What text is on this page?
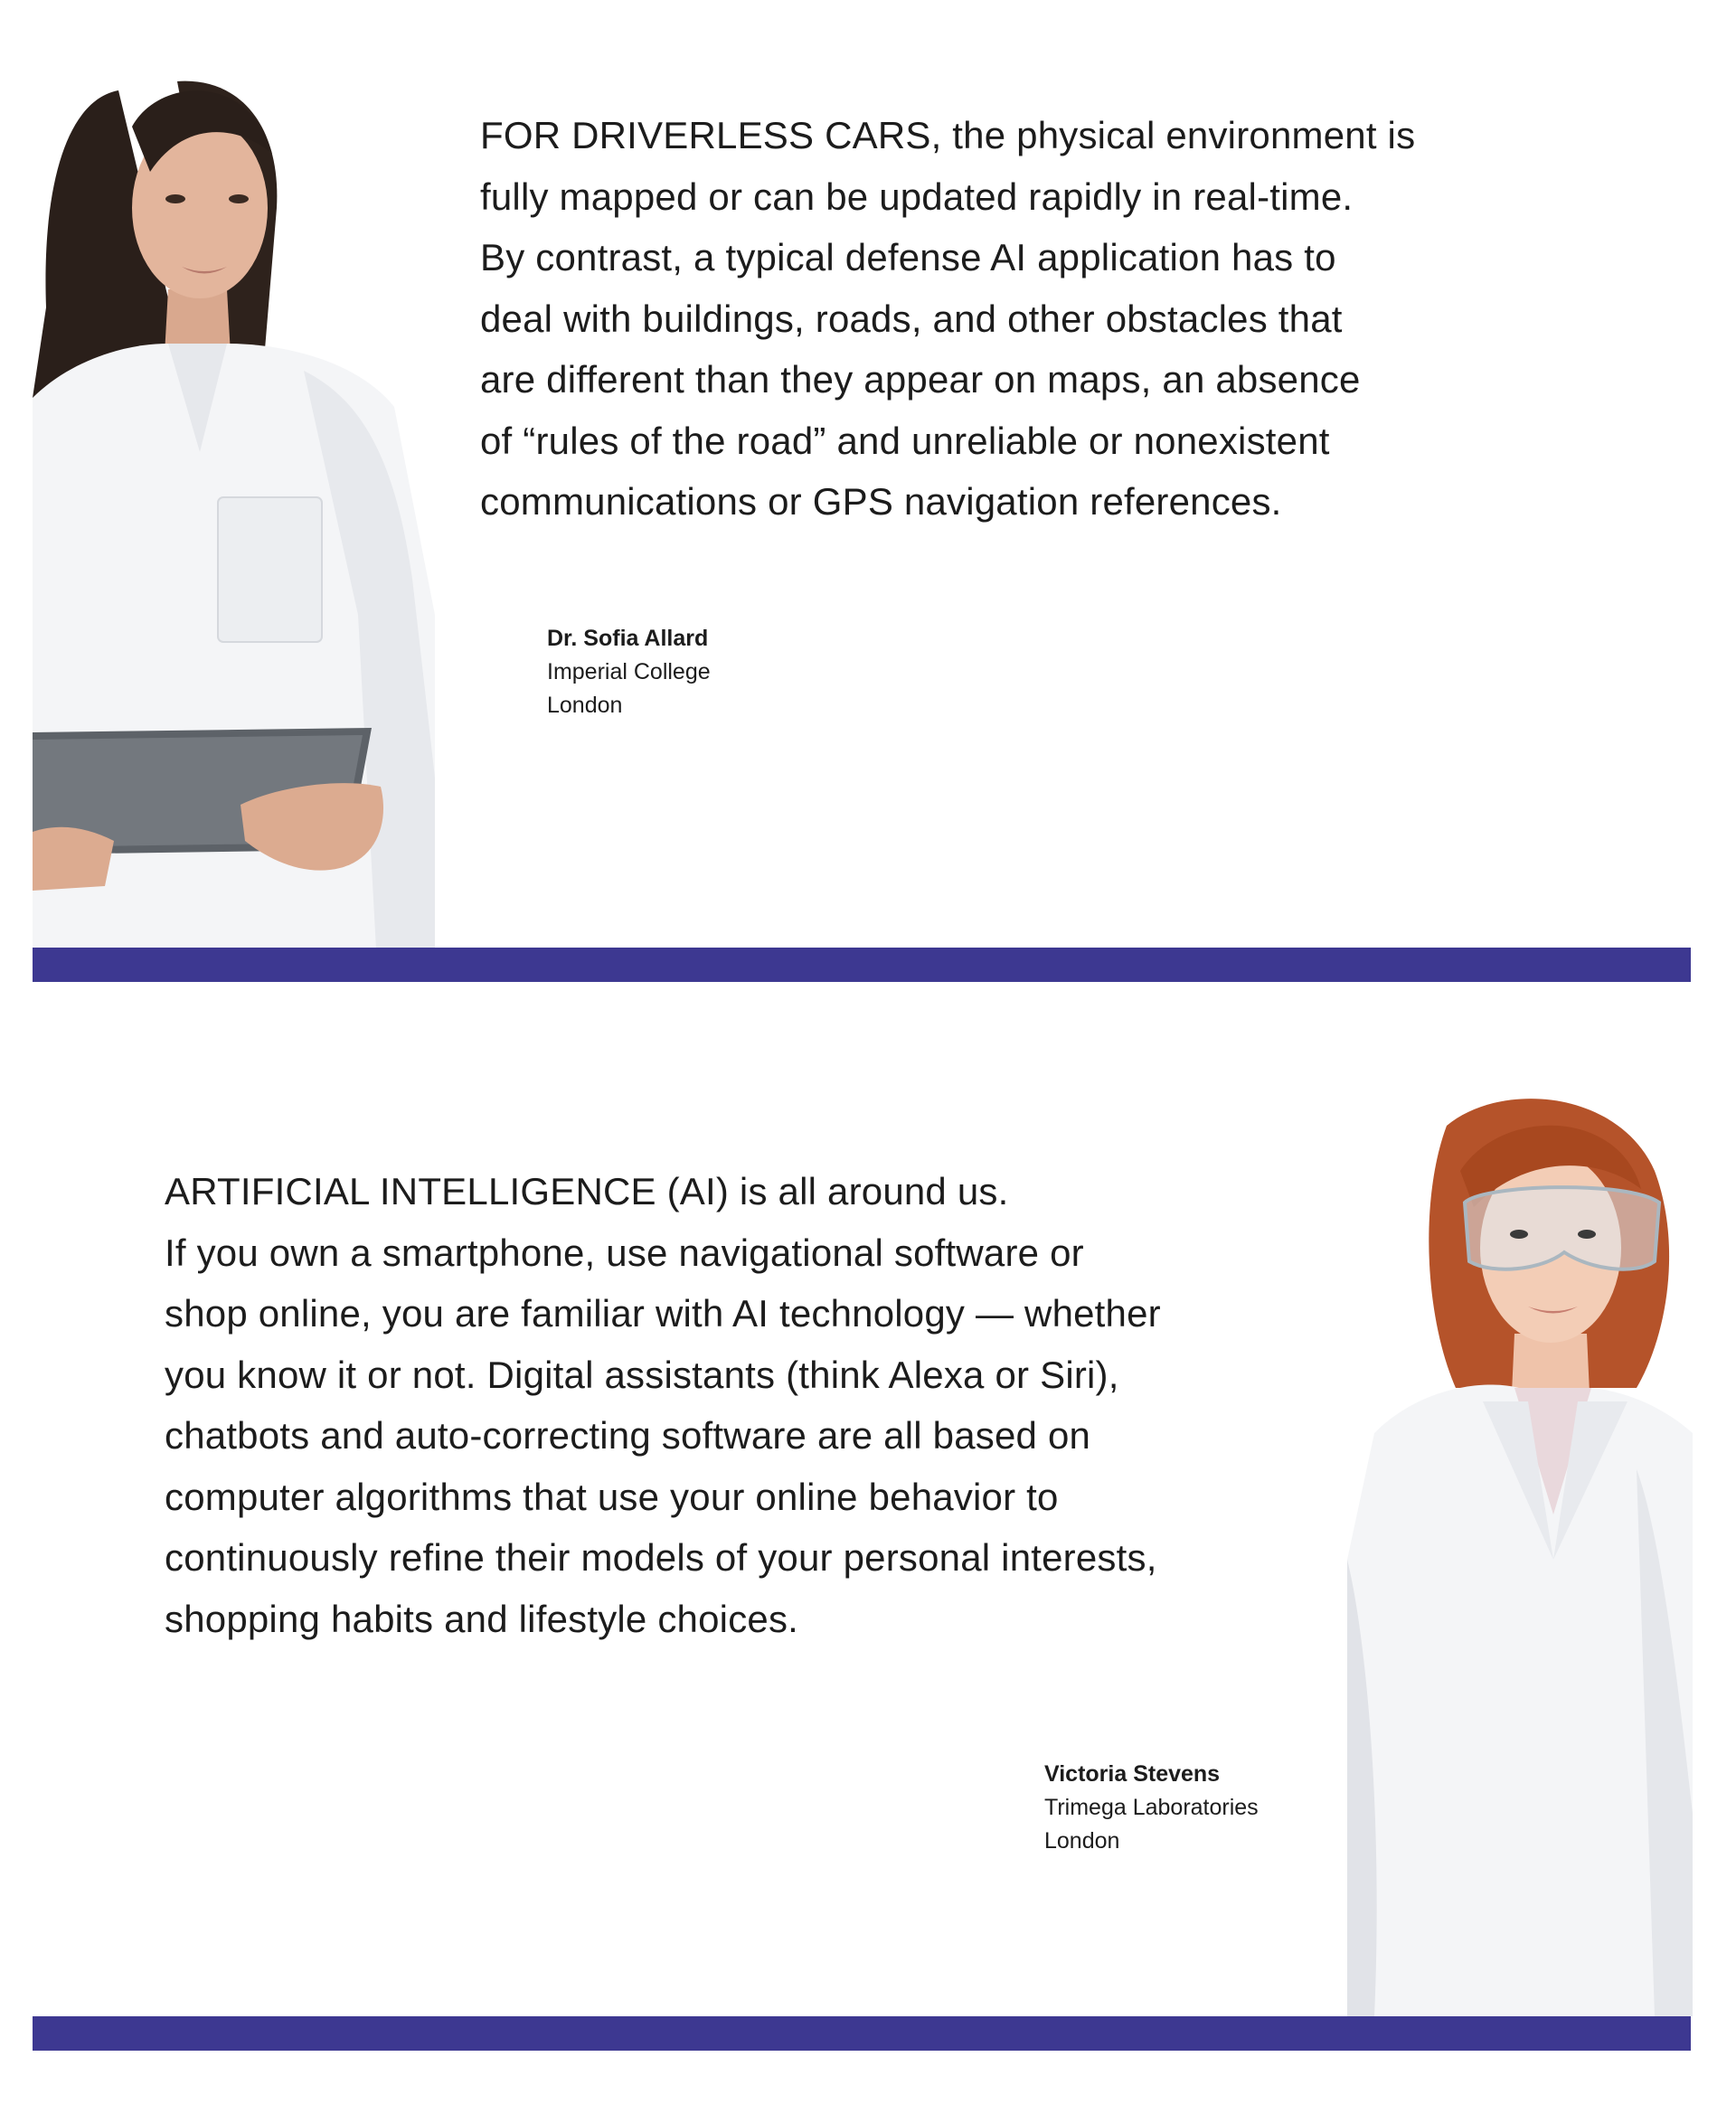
FOR DRIVERLESS CARS, the physical environment is
fully mapped or can be updated rapidly in real-time.
By contrast, a typical defense AI application has to
deal with buildings, roads, and other obstacles that
are different than they appear on maps, an absence
of “rules of the road” and unreliable or nonexistent
communications or GPS navigation references.

Dr. Sofia Allard
Imperial College
London

ARTIFICIAL INTELLIGENCE (AI) is all around us.
If you own a smartphone, use navigational software or
shop online, you are familiar with AI technology — whether
you know it or not. Digital assistants (think Alexa or Siri),
chatbots and auto-correcting software are all based on
computer algorithms that use your online behavior to
continuously refine their models of your personal interests,
shopping habits and lifestyle choices.

Victoria Stevens
Trimega Laboratories
London
